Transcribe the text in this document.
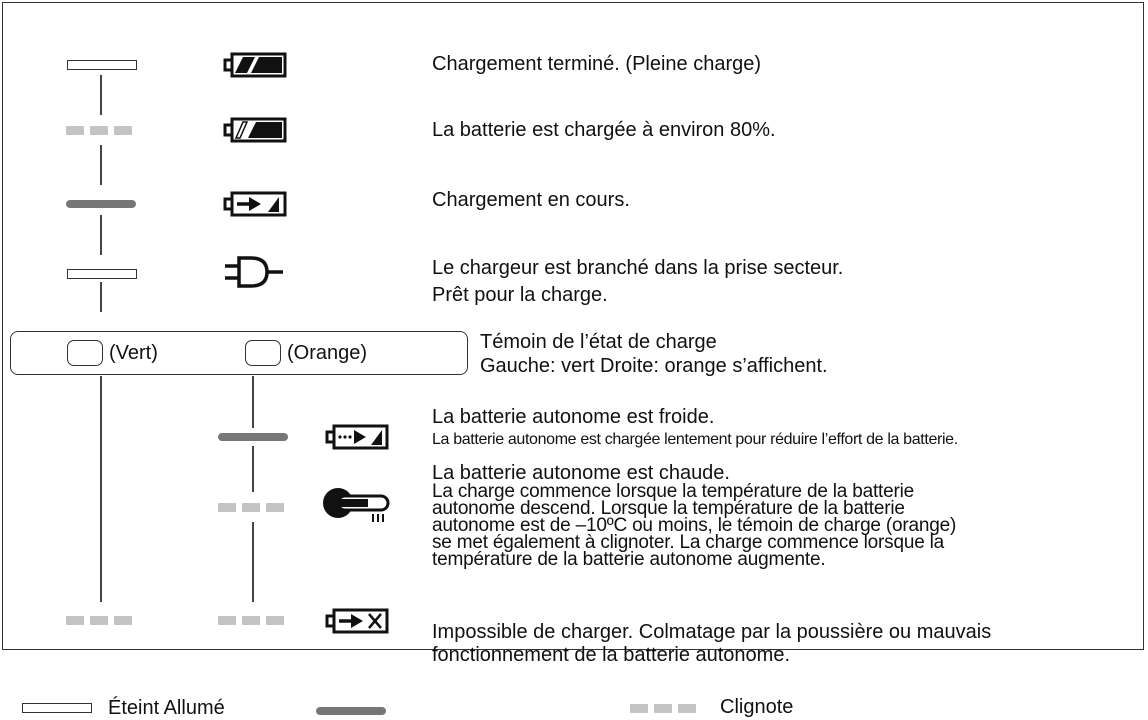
Chargement terminé. (Pleine charge)
La batterie est chargée à environ 80%.
Chargement en cours.
Le chargeur est branché dans la prise secteur.
Prêt pour la charge.
(Vert)	(Orange)	Témoin de l’état de charge
Gauche: vert Droite: orange s’affichent.
La batterie autonome est froide.
La batterie autonome est chargée lentement pour réduire l’effort de la batterie.
La batterie autonome est chaude.
La charge commence lorsque la température de la batterie
autonome descend. Lorsque la température de la batterie
autonome est de –10ºC ou moins, le témoin de charge (orange)
se met également à clignoter. La charge commence lorsque la
température de la batterie autonome augmente.
Impossible de charger. Colmatage par la poussière ou mauvais
fonctionnement de la batterie autonome.
Éteint Allumé	Clignote
